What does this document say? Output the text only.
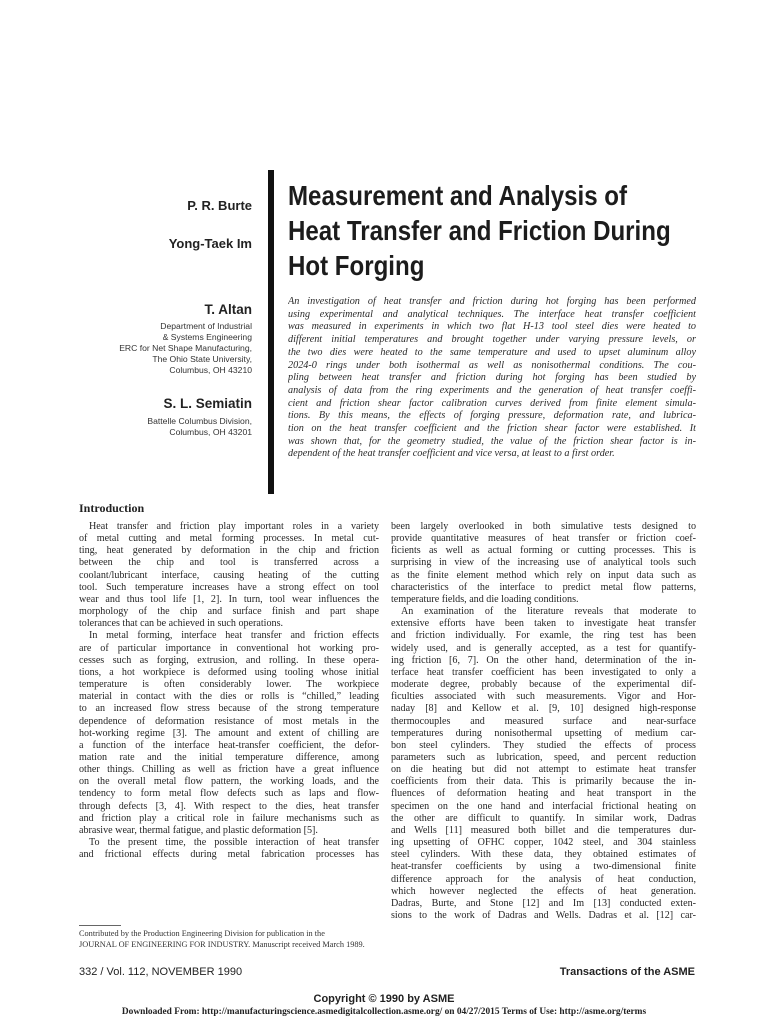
Measurement and Analysis of
Heat Transfer and Friction During
Hot Forging
P. R. Burte
Yong-Taek Im
T. Altan
Department of Industrial
& Systems Engineering
ERC for Net Shape Manufacturing,
The Ohio State University,
Columbus, OH 43210
S. L. Semiatin
Battelle Columbus Division,
Columbus, OH 43201
An investigation of heat transfer and friction during hot forging has been performed
using experimental and analytical techniques. The interface heat transfer coefficient
was measured in experiments in which two flat H-13 tool steel dies were heated to
different initial temperatures and brought together under varying pressure levels, or
the two dies were heated to the same temperature and used to upset aluminum alloy
2024-0 rings under both isothermal as well as nonisothermal conditions. The cou-
pling between heat transfer and friction during hot forging has been studied by
analysis of data from the ring experiments and the generation of heat transfer coeffi-
cient and friction shear factor calibration curves derived from finite element simula-
tions. By this means, the effects of forging pressure, deformation rate, and lubrica-
tion on the heat transfer coefficient and the friction shear factor were established. It
was shown that, for the geometry studied, the value of the friction shear factor is in-
dependent of the heat transfer coefficient and vice versa, at least to a first order.
Introduction
Heat transfer and friction play important roles in a variety
of metal cutting and metal forming processes. In metal cut-
ting, heat generated by deformation in the chip and friction
between the chip and tool is transferred across a
coolant/lubricant interface, causing heating of the cutting
tool. Such temperature increases have a strong effect on tool
wear and thus tool life [1, 2]. In turn, tool wear influences the
morphology of the chip and surface finish and part shape
tolerances that can be achieved in such operations.
In metal forming, interface heat transfer and friction effects
are of particular importance in conventional hot working pro-
cesses such as forging, extrusion, and rolling. In these opera-
tions, a hot workpiece is deformed using tooling whose initial
temperature is often considerably lower. The workpiece
material in contact with the dies or rolls is “chilled,” leading
to an increased flow stress because of the strong temperature
dependence of deformation resistance of most metals in the
hot-working regime [3]. The amount and extent of chilling are
a function of the interface heat-transfer coefficient, the defor-
mation rate and the initial temperature difference, among
other things. Chilling as well as friction have a great influence
on the overall metal flow pattern, the working loads, and the
tendency to form metal flow defects such as laps and flow-
through defects [3, 4]. With respect to the dies, heat transfer
and friction play a critical role in failure mechanisms such as
abrasive wear, thermal fatigue, and plastic deformation [5].
To the present time, the possible interaction of heat transfer
and frictional effects during metal fabrication processes has
been largely overlooked in both simulative tests designed to
provide quantitative measures of heat transfer or friction coef-
ficients as well as actual forming or cutting processes. This is
surprising in view of the increasing use of analytical tools such
as the finite element method which rely on input data such as
characteristics of the interface to predict metal flow patterns,
temperature fields, and die loading conditions.
An examination of the literature reveals that moderate to
extensive efforts have been taken to investigate heat transfer
and friction individually. For examle, the ring test has been
widely used, and is generally accepted, as a test for quantify-
ing friction [6, 7]. On the other hand, determination of the in-
terface heat transfer coefficient has been investigated to only a
moderate degree, probably because of the experimental dif-
ficulties associated with such measurements. Vigor and Hor-
naday [8] and Kellow et al. [9, 10] designed high-response
thermocouples and measured surface and near-surface
temperatures during nonisothermal upsetting of medium car-
bon steel cylinders. They studied the effects of process
parameters such as lubrication, speed, and percent reduction
on die heating but did not attempt to estimate heat transfer
coefficients from their data. This is primarily because the in-
fluences of deformation heating and heat transport in the
specimen on the one hand and interfacial frictional heating on
the other are difficult to quantify. In similar work, Dadras
and Wells [11] measured both billet and die temperatures dur-
ing upsetting of OFHC copper, 1042 steel, and 304 stainless
steel cylinders. With these data, they obtained estimates of
heat-transfer coefficients by using a two-dimensional finite
difference approach for the analysis of heat conduction,
which however neglected the effects of heat generation.
Dadras, Burte, and Stone [12] and Im [13] conducted exten-
sions to the work of Dadras and Wells. Dadras et al. [12] car-
Contributed by the Production Engineering Division for publication in the
JOURNAL OF ENGINEERING FOR INDUSTRY. Manuscript received March 1989.
332 / Vol. 112, NOVEMBER 1990	Transactions of the ASME
Copyright © 1990 by ASME
Downloaded From: http://manufacturingscience.asmedigitalcollection.asme.org/ on 04/27/2015 Terms of Use: http://asme.org/terms
